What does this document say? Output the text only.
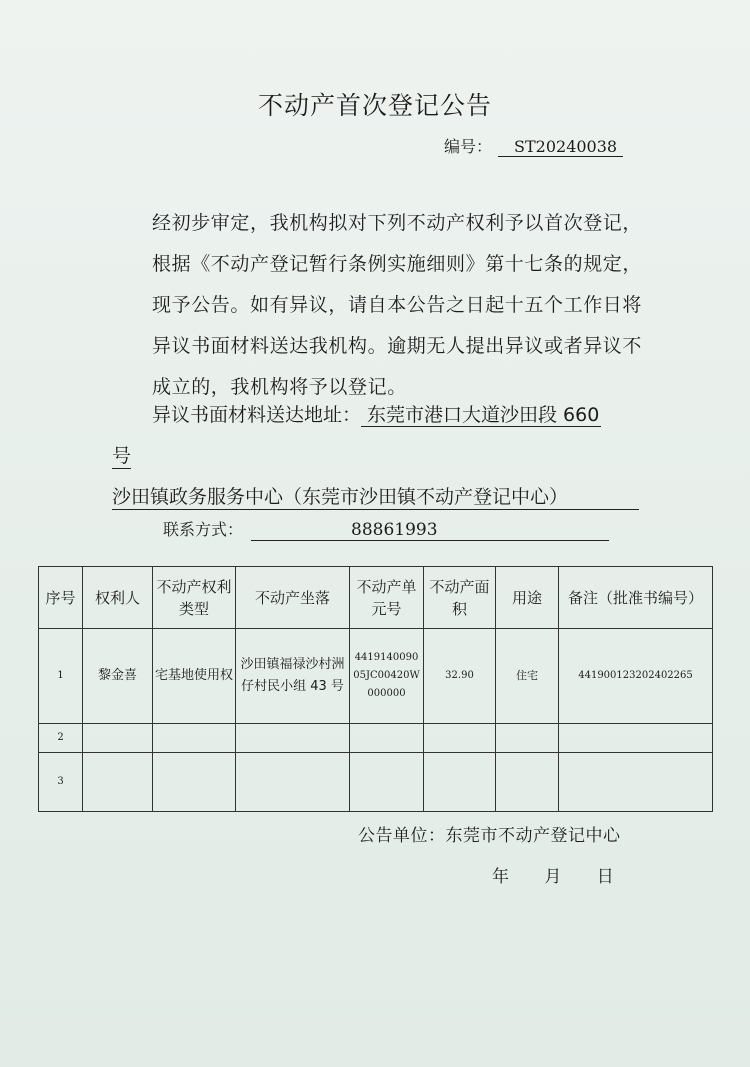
不动产首次登记公告
编号： ST20240038
经初步审定，我机构拟对下列不动产权利予以首次登记，根据《不动产登记暂行条例实施细则》第十七条的规定，现予公告。如有异议，请自本公告之日起十五个工作日将异议书面材料送达我机构。逾期无人提出异议或者异议不成立的，我机构将予以登记。
异议书面材料送达地址： 东莞市港口大道沙田段 660
号
沙田镇政务服务中心（东莞市沙田镇不动产登记中心）
联系方式：	88861993
序号	权利人	不动产权利类型	不动产坐落	不动产单元号	不动产面积	用途	备注（批准书编号）
1	黎金喜	宅基地使用权	沙田镇福禄沙村洲仔村民小组 43 号	441914009005JC00420W000000	32.90	住宅	441900123202402265
2							
3							
公告单位：东莞市不动产登记中心
年 月 日
